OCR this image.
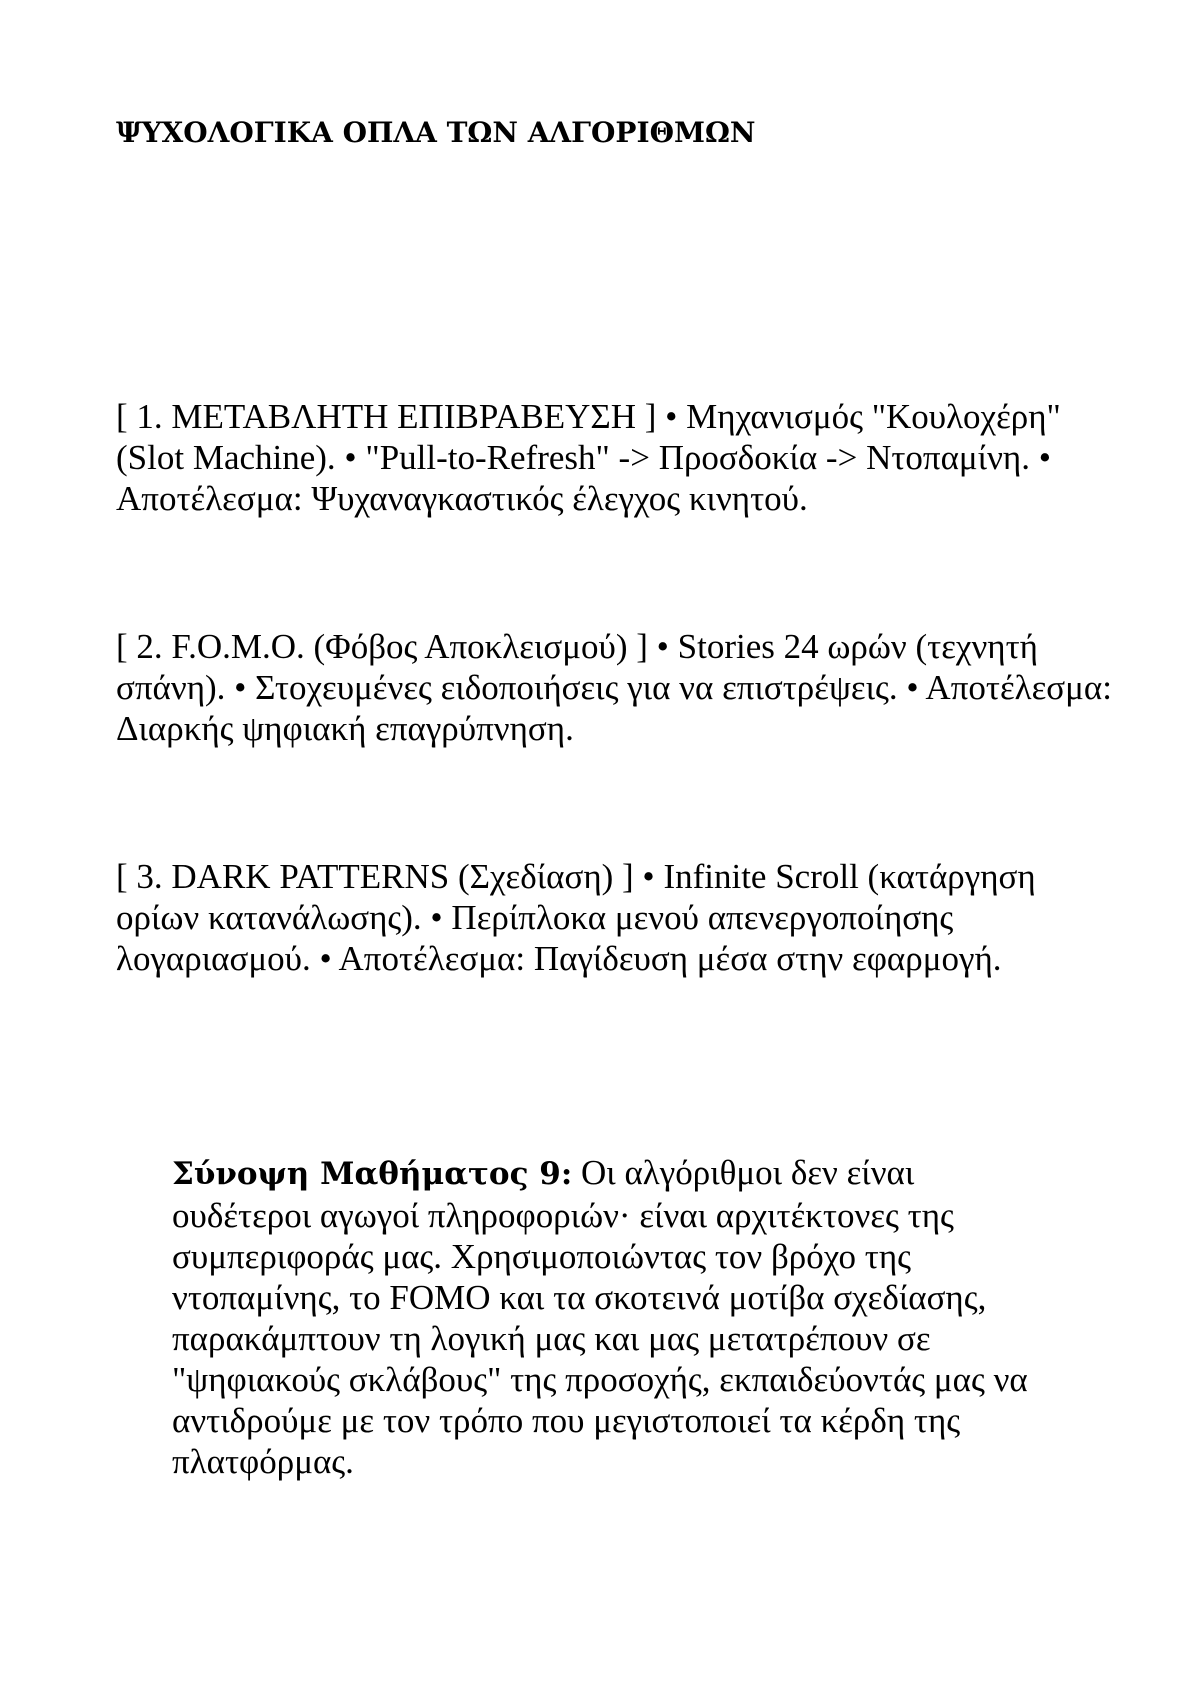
ΨΥΧΟΛΟΓΙΚΑ ΟΠΛΑ ΤΩΝ ΑΛΓΟΡΙΘΜΩΝ

[ 1. ΜΕΤΑΒΛΗΤΗ ΕΠΙΒΡΑΒΕΥΣΗ ] • Μηχανισμός "Κουλοχέρη" (Slot Machine). • "Pull-to-Refresh" -> Προσδοκία -> Ντοπαμίνη. • Αποτέλεσμα: Ψυχαναγκαστικός έλεγχος κινητού.

[ 2. F.O.M.O. (Φόβος Αποκλεισμού) ] • Stories 24 ωρών (τεχνητή σπάνη). • Στοχευμένες ειδοποιήσεις για να επιστρέψεις. • Αποτέλεσμα: Διαρκής ψηφιακή επαγρύπνηση.

[ 3. DARK PATTERNS (Σχεδίαση) ] • Infinite Scroll (κατάργηση ορίων κατανάλωσης). • Περίπλοκα μενού απενεργοποίησης λογαριασμού. • Αποτέλεσμα: Παγίδευση μέσα στην εφαρμογή.

Σύνοψη Μαθήματος 9: Οι αλγόριθμοι δεν είναι ουδέτεροι αγωγοί πληροφοριών· είναι αρχιτέκτονες της συμπεριφοράς μας. Χρησιμοποιώντας τον βρόχο της ντοπαμίνης, το FOMO και τα σκοτεινά μοτίβα σχεδίασης, παρακάμπτουν τη λογική μας και μας μετατρέπουν σε "ψηφιακούς σκλάβους" της προσοχής, εκπαιδεύοντάς μας να αντιδρούμε με τον τρόπο που μεγιστοποιεί τα κέρδη της πλατφόρμας.
